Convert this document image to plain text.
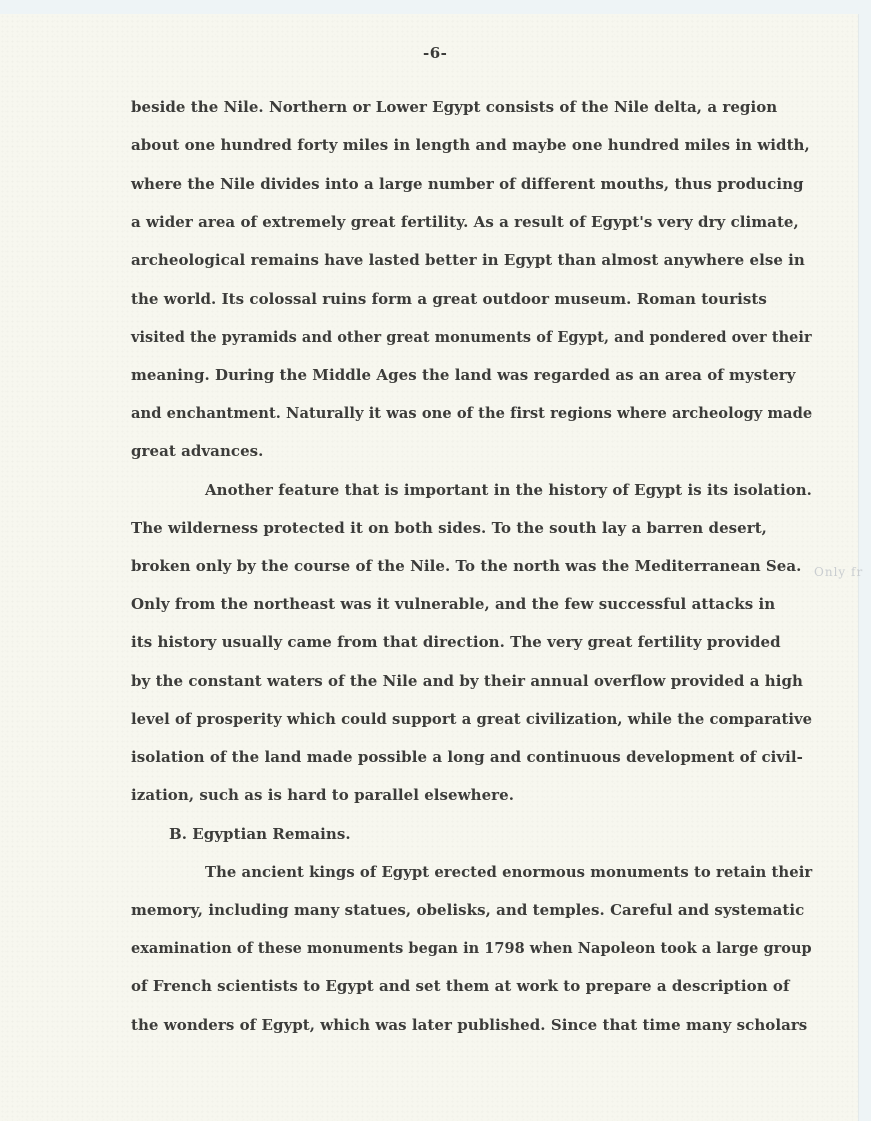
-6-
beside the Nile. Northern or Lower Egypt consists of the Nile delta, a region
about one hundred forty miles in length and maybe one hundred miles in width,
where the Nile divides into a large number of different mouths, thus producing
a wider area of extremely great fertility. As a result of Egypt's very dry climate,
archeological remains have lasted better in Egypt than almost anywhere else in
the world. Its colossal ruins form a great outdoor museum. Roman tourists
visited the pyramids and other great monuments of Egypt, and pondered over their
meaning. During the Middle Ages the land was regarded as an area of mystery
and enchantment. Naturally it was one of the first regions where archeology made
great advances.
Another feature that is important in the history of Egypt is its isolation.
The wilderness protected it on both sides. To the south lay a barren desert,
broken only by the course of the Nile. To the north was the Mediterranean Sea. Only fr
Only from the northeast was it vulnerable, and the few successful attacks in
its history usually came from that direction. The very great fertility provided
by the constant waters of the Nile and by their annual overflow provided a high
level of prosperity which could support a great civilization, while the comparative
isolation of the land made possible a long and continuous development of civil-
ization, such as is hard to parallel elsewhere.
B. Egyptian Remains.
The ancient kings of Egypt erected enormous monuments to retain their
memory, including many statues, obelisks, and temples. Careful and systematic
examination of these monuments began in 1798 when Napoleon took a large group
of French scientists to Egypt and set them at work to prepare a description of
the wonders of Egypt, which was later published. Since that time many scholars
